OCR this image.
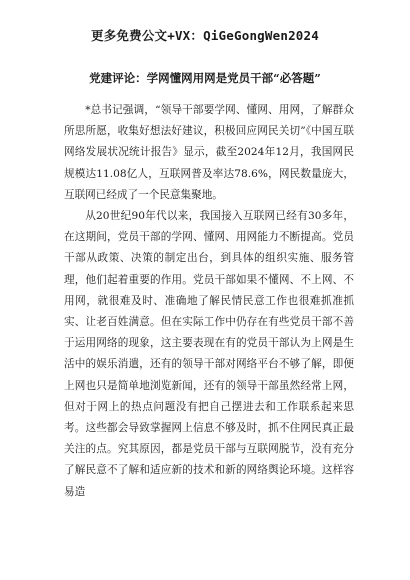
更多免费公文+VX：QiGeGongWen2024
党建评论：学网懂网用网是党员干部“必答题”

*总书记强调，“领导干部要学网、懂网、用网，了解群众所思所愿，收集好想法好建议，积极回应网民关切”《中国互联网络发展状况统计报告》显示，截至2024年12月，我国网民规模达11.08亿人，互联网普及率达78.6%，网民数量庞大，互联网已经成了一个民意集聚地。

从20世纪90年代以来，我国接入互联网已经有30多年，在这期间，党员干部的学网、懂网、用网能力不断提高。党员干部从政策、决策的制定出台，到具体的组织实施、服务管理，他们起着重要的作用。党员干部如果不懂网、不上网、不用网，就很难及时、准确地了解民情民意工作也很难抓准抓实、让老百姓满意。但在实际工作中仍存在有些党员干部不善于运用网络的现象，这主要表现在有的党员干部认为上网是生活中的娱乐消遣，还有的领导干部对网络平台不够了解，即便上网也只是简单地浏览新闻，还有的领导干部虽然经常上网，但对于网上的热点问题没有把自己摆进去和工作联系起来思考。这些都会导致掌握网上信息不够及时，抓不住网民真正最关注的点。究其原因，都是党员干部与互联网脱节，没有充分了解民意不了解和适应新的技术和新的网络舆论环境。这样容易造
